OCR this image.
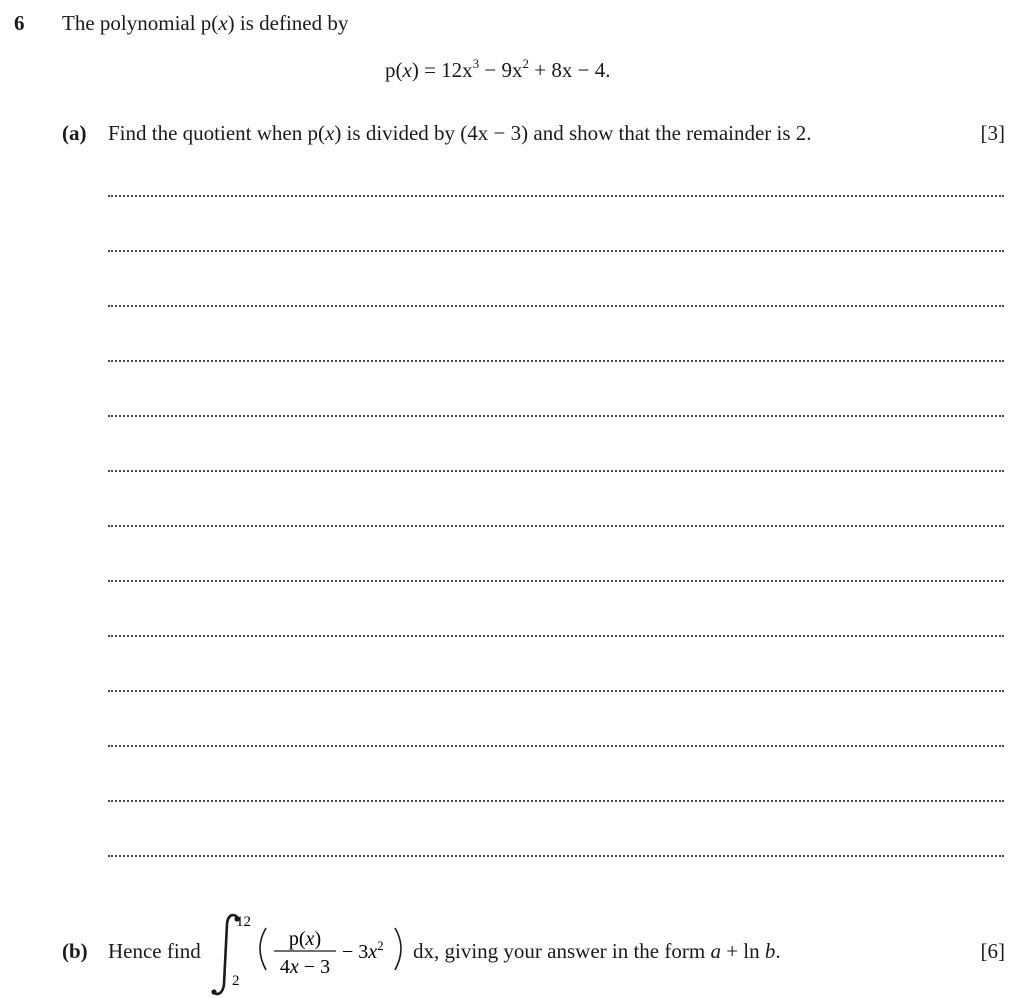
6 The polynomial p(x) is defined by
$p(x) = 12x^3 - 9x^2 + 8x - 4$.
(a) Find the quotient when p(x) is divided by (4x − 3) and show that the remainder is 2.	[3]
(b) Hence find
12
2
p(x)
4x − 3
− $3x^2$ dx, giving your answer in the form a + ln b.	[6]
